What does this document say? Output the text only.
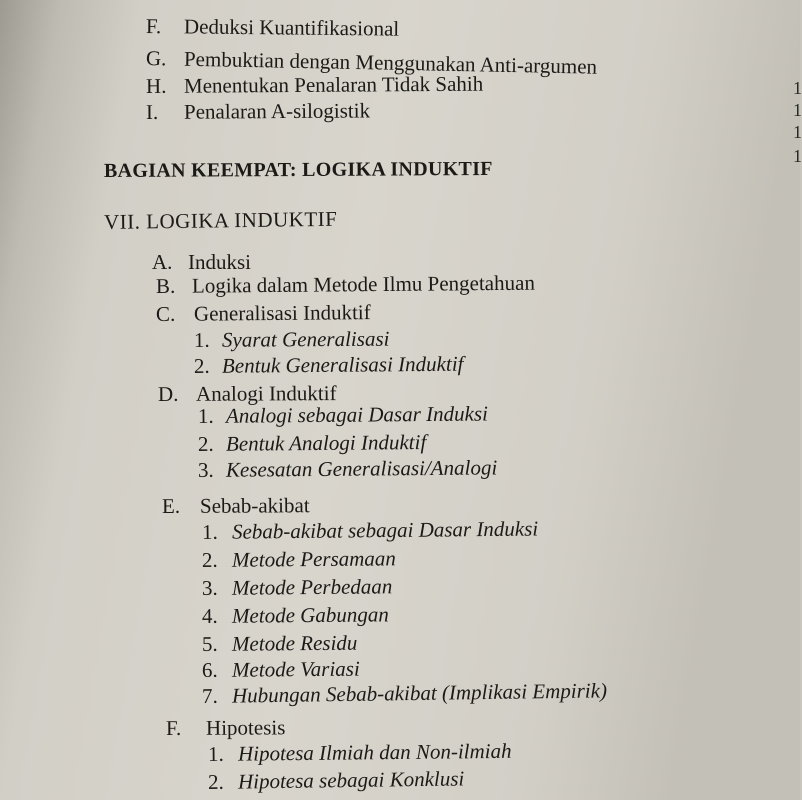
F. Deduksi Kuantifikasional
G. Pembuktian dengan Menggunakan Anti-argumen
H. Menentukan Penalaran Tidak Sahih
I. Penalaran A-silogistik
1
1
1
1
BAGIAN KEEMPAT: LOGIKA INDUKTIF
VII. LOGIKA INDUKTIF
A. Induksi
B. Logika dalam Metode Ilmu Pengetahuan
C. Generalisasi Induktif
1. Syarat Generalisasi
2. Bentuk Generalisasi Induktif
D. Analogi Induktif
1. Analogi sebagai Dasar Induksi
2. Bentuk Analogi Induktif
3. Kesesatan Generalisasi/Analogi
E. Sebab-akibat
1. Sebab-akibat sebagai Dasar Induksi
2. Metode Persamaan
3. Metode Perbedaan
4. Metode Gabungan
5. Metode Residu
6. Metode Variasi
7. Hubungan Sebab-akibat (Implikasi Empirik)
F. Hipotesis
1. Hipotesa Ilmiah dan Non-ilmiah
2. Hipotesa sebagai Konklusi
